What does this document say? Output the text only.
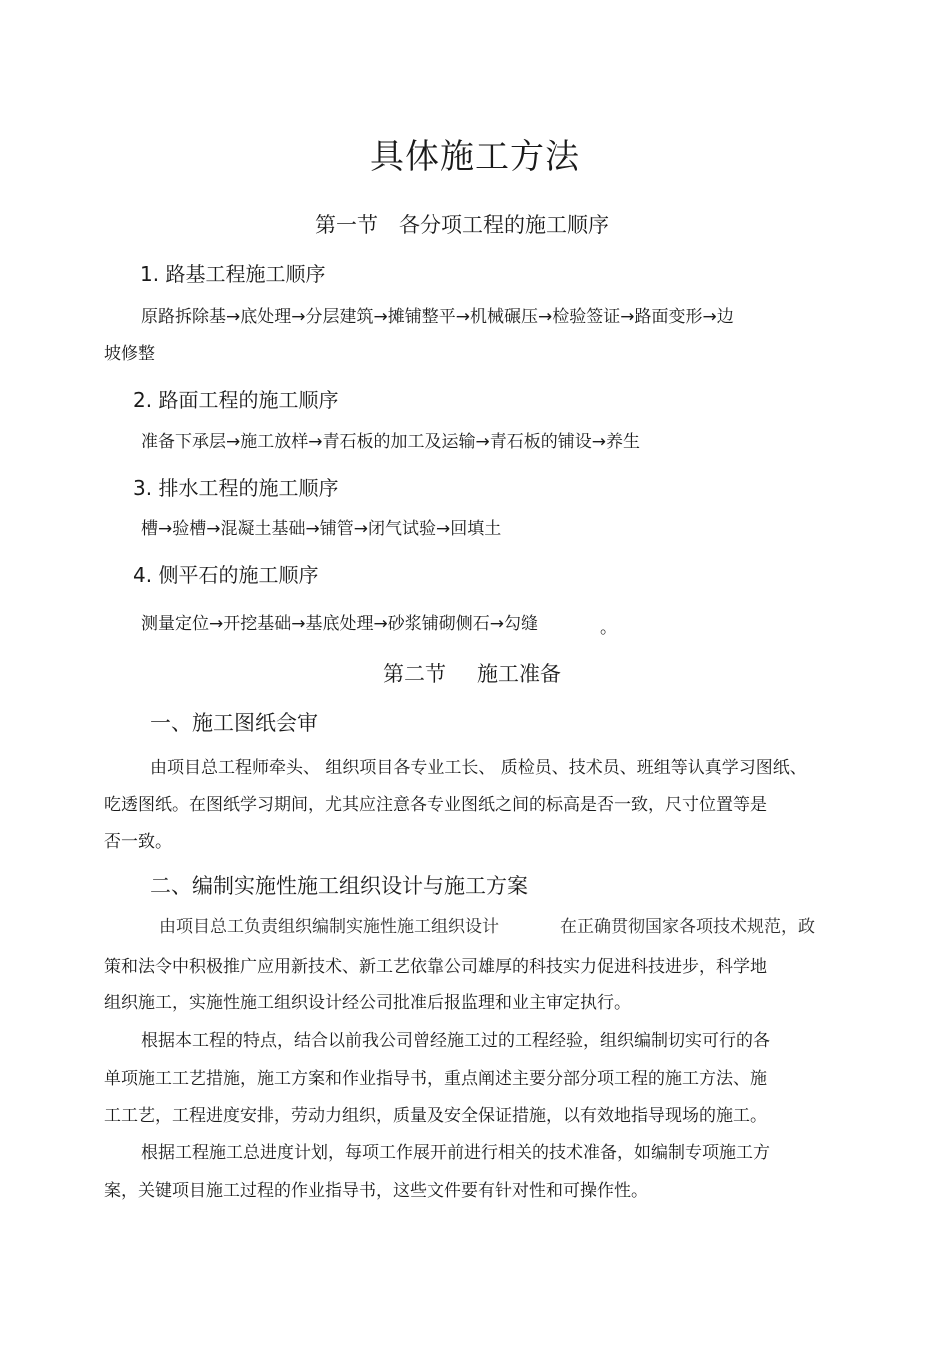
具体施工方法
第一节 各分项工程的施工顺序
1. 路基工程施工顺序
原路拆除基→底处理→分层建筑→摊铺整平→机械碾压→检验签证→路面变形→边
坡修整
2. 路面工程的施工顺序
准备下承层→施工放样→青石板的加工及运输→青石板的铺设→养生
3. 排水工程的施工顺序
槽→验槽→混凝土基础→铺管→闭气试验→回填土
4. 侧平石的施工顺序
测量定位→开挖基础→基底处理→砂浆铺砌侧石→勾缝	。
第二节 施工准备
一、施工图纸会审
由项目总工程师牵头、 组织项目各专业工长、 质检员、技术员、班组等认真学习图纸、
吃透图纸。在图纸学习期间，尤其应注意各专业图纸之间的标高是否一致，尺寸位置等是
否一致。
二、编制实施性施工组织设计与施工方案
由项目总工负责组织编制实施性施工组织设计	在正确贯彻国家各项技术规范，政
策和法令中积极推广应用新技术、新工艺依靠公司雄厚的科技实力促进科技进步，科学地
组织施工，实施性施工组织设计经公司批准后报监理和业主审定执行。
根据本工程的特点，结合以前我公司曾经施工过的工程经验，组织编制切实可行的各
单项施工工艺措施，施工方案和作业指导书，重点阐述主要分部分项工程的施工方法、施
工工艺，工程进度安排，劳动力组织，质量及安全保证措施，以有效地指导现场的施工。
根据工程施工总进度计划，每项工作展开前进行相关的技术准备，如编制专项施工方
案，关键项目施工过程的作业指导书，这些文件要有针对性和可操作性。
